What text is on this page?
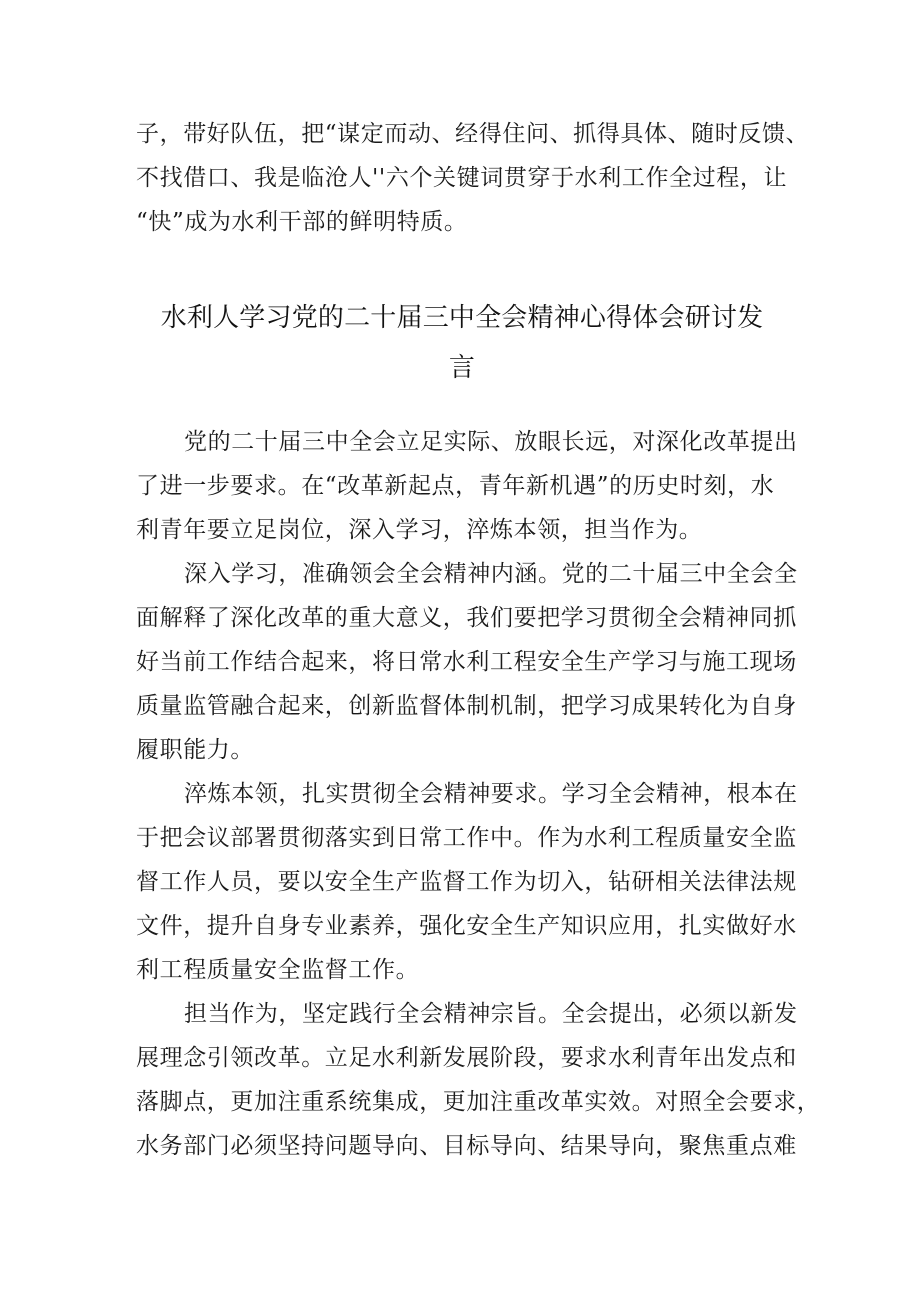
子，带好队伍，把“谋定而动、经得住问、抓得具体、随时反馈、
不找借口、我是临沧人''六个关键词贯穿于水利工作全过程，让
“快”成为水利干部的鲜明特质。
水利人学习党的二十届三中全会精神心得体会研讨发
言
党的二十届三中全会立足实际、放眼长远，对深化改革提出
了进一步要求。在“改革新起点，青年新机遇”的历史时刻，水
利青年要立足岗位，深入学习，淬炼本领，担当作为。
深入学习，准确领会全会精神内涵。党的二十届三中全会全
面解释了深化改革的重大意义，我们要把学习贯彻全会精神同抓
好当前工作结合起来，将日常水利工程安全生产学习与施工现场
质量监管融合起来，创新监督体制机制，把学习成果转化为自身
履职能力。
淬炼本领，扎实贯彻全会精神要求。学习全会精神，根本在
于把会议部署贯彻落实到日常工作中。作为水利工程质量安全监
督工作人员，要以安全生产监督工作为切入，钻研相关法律法规
文件，提升自身专业素养，强化安全生产知识应用，扎实做好水
利工程质量安全监督工作。
担当作为，坚定践行全会精神宗旨。全会提出，必须以新发
展理念引领改革。立足水利新发展阶段，要求水利青年出发点和
落脚点，更加注重系统集成，更加注重改革实效。对照全会要求，
水务部门必须坚持问题导向、目标导向、结果导向，聚焦重点难
